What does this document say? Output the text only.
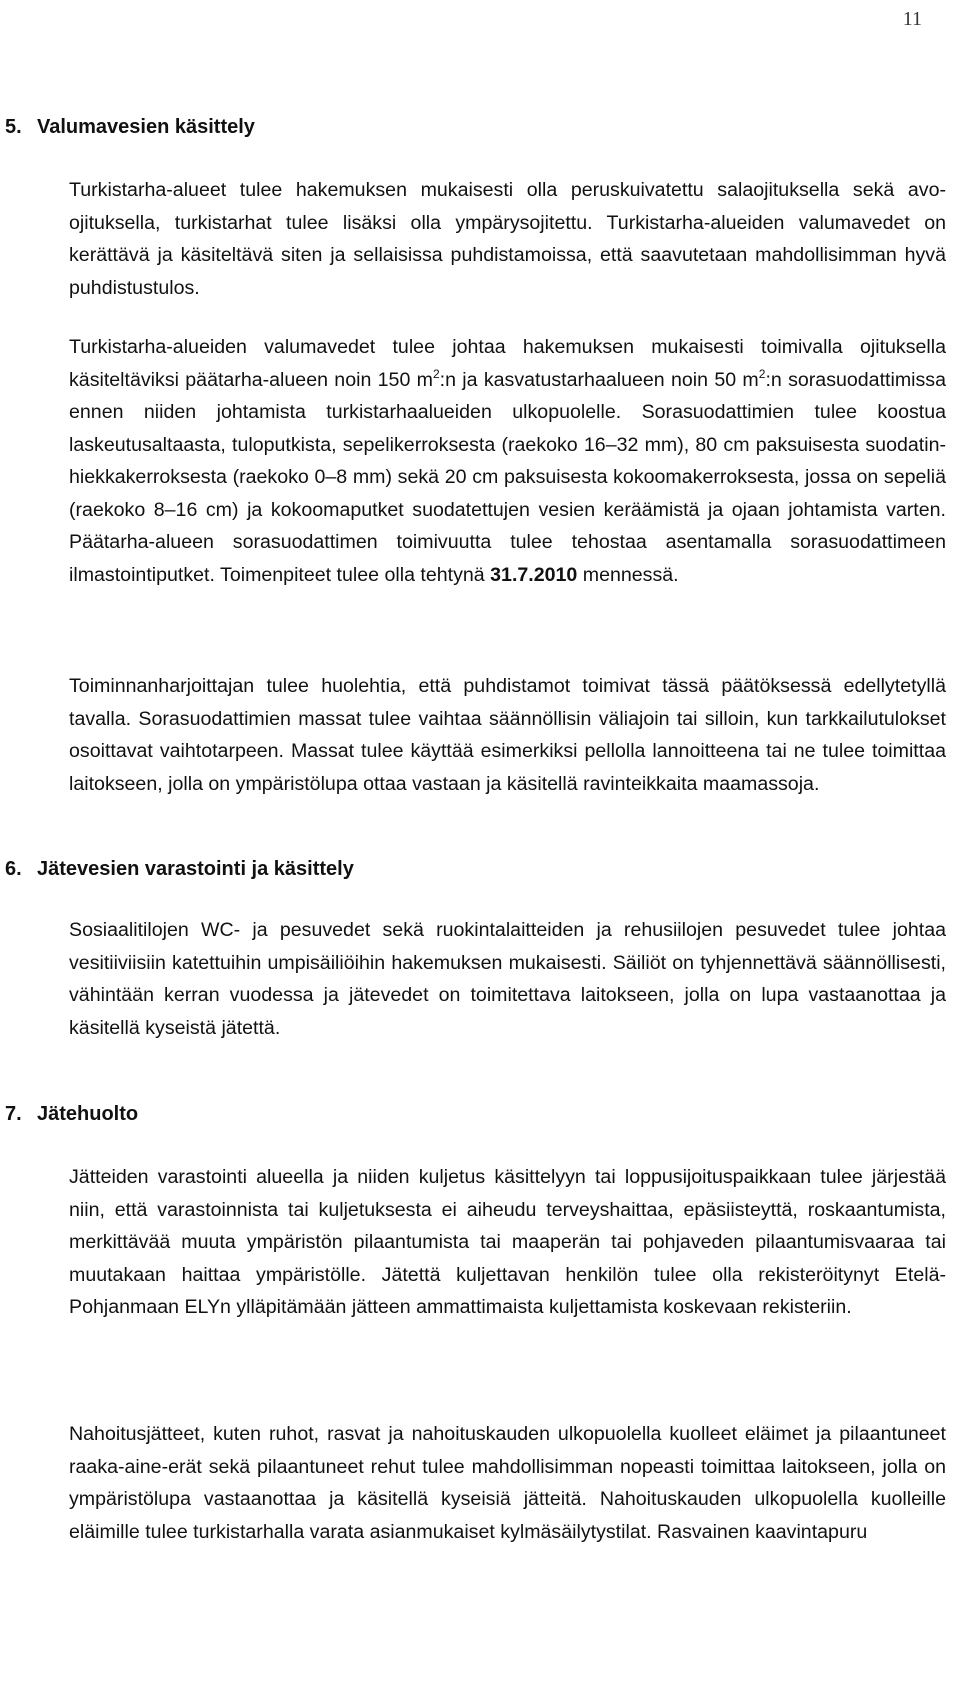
11
5. Valumavesien käsittely

Turkistarha-alueet tulee hakemuksen mukaisesti olla peruskuivatettu salaojituksella sekä avo-ojituksella, turkistarhat tulee lisäksi olla ympärysojitettu. Turkistarha-alueiden valumavedet on kerättävä ja käsiteltävä siten ja sellaisissa puhdistamoissa, että saavutetaan mahdollisimman hyvä puhdistustulos.

Turkistarha-alueiden valumavedet tulee johtaa hakemuksen mukaisesti toimivalla ojituksella käsiteltäviksi päätarha-alueen noin 150 $m^2:n$ ja kasvatustarhaalueen noin 50 $m^2:n$ sorasuodattimissa ennen niiden johtamista turkistarhaalueiden ulkopuolelle. Sorasuodattimien tulee koostua laskeutusaltaasta, tuloputkista, sepelikerroksesta (raekoko 16–32 mm), 80 cm paksuisesta suodatinhiekkakerroksesta (raekoko 0–8 mm) sekä 20 cm paksuisesta kokoomakerroksesta, jossa on sepeliä (raekoko 8–16 cm) ja kokoomaputket suodatettujen vesien keräämistä ja ojaan johtamista varten. Päätarha-alueen sorasuodattimen toimivuutta tulee tehostaa asentamalla sorasuodattimeen ilmastointiputket. Toimenpiteet tulee olla tehtynä 31.7.2010 mennessä.

Toiminnanharjoittajan tulee huolehtia, että puhdistamot toimivat tässä päätöksessä edellytetyllä tavalla. Sorasuodattimien massat tulee vaihtaa säännöllisin väliajoin tai silloin, kun tarkkailutulokset osoittavat vaihtotarpeen. Massat tulee käyttää esimerkiksi pellolla lannoitteena tai ne tulee toimittaa laitokseen, jolla on ympäristölupa ottaa vastaan ja käsitellä ravinteikkaita maamassoja.

6. Jätevesien varastointi ja käsittely

Sosiaalitilojen WC- ja pesuvedet sekä ruokintalaitteiden ja rehusiilojen pesuvedet tulee johtaa vesitiiviisiin katettuihin umpisäiliöihin hakemuksen mukaisesti. Säiliöt on tyhjennettävä säännöllisesti, vähintään kerran vuodessa ja jätevedet on toimitettava laitokseen, jolla on lupa vastaanottaa ja käsitellä kyseistä jätettä.

7. Jätehuolto

Jätteiden varastointi alueella ja niiden kuljetus käsittelyyn tai loppusijoituspaikkaan tulee järjestää niin, että varastoinnista tai kuljetuksesta ei aiheudu terveyshaittaa, epäsiisteyttä, roskaantumista, merkittävää muuta ympäristön pilaantumista tai maaperän tai pohjaveden pilaantumisvaaraa tai muutakaan haittaa ympäristölle. Jätettä kuljettavan henkilön tulee olla rekisteröitynyt Etelä-Pohjanmaan ELYn ylläpitämään jätteen ammattimaista kuljettamista koskevaan rekisteriin.

Nahoitusjätteet, kuten ruhot, rasvat ja nahoituskauden ulkopuolella kuolleet eläimet ja pilaantuneet raaka-aine-erät sekä pilaantuneet rehut tulee mahdollisimman nopeasti toimittaa laitokseen, jolla on ympäristölupa vastaanottaa ja käsitellä kyseisiä jätteitä. Nahoituskauden ulkopuolella kuolleille eläimille tulee turkistarhalla varata asianmukaiset kylmäsäilytystilat. Rasvainen kaavintapuru
